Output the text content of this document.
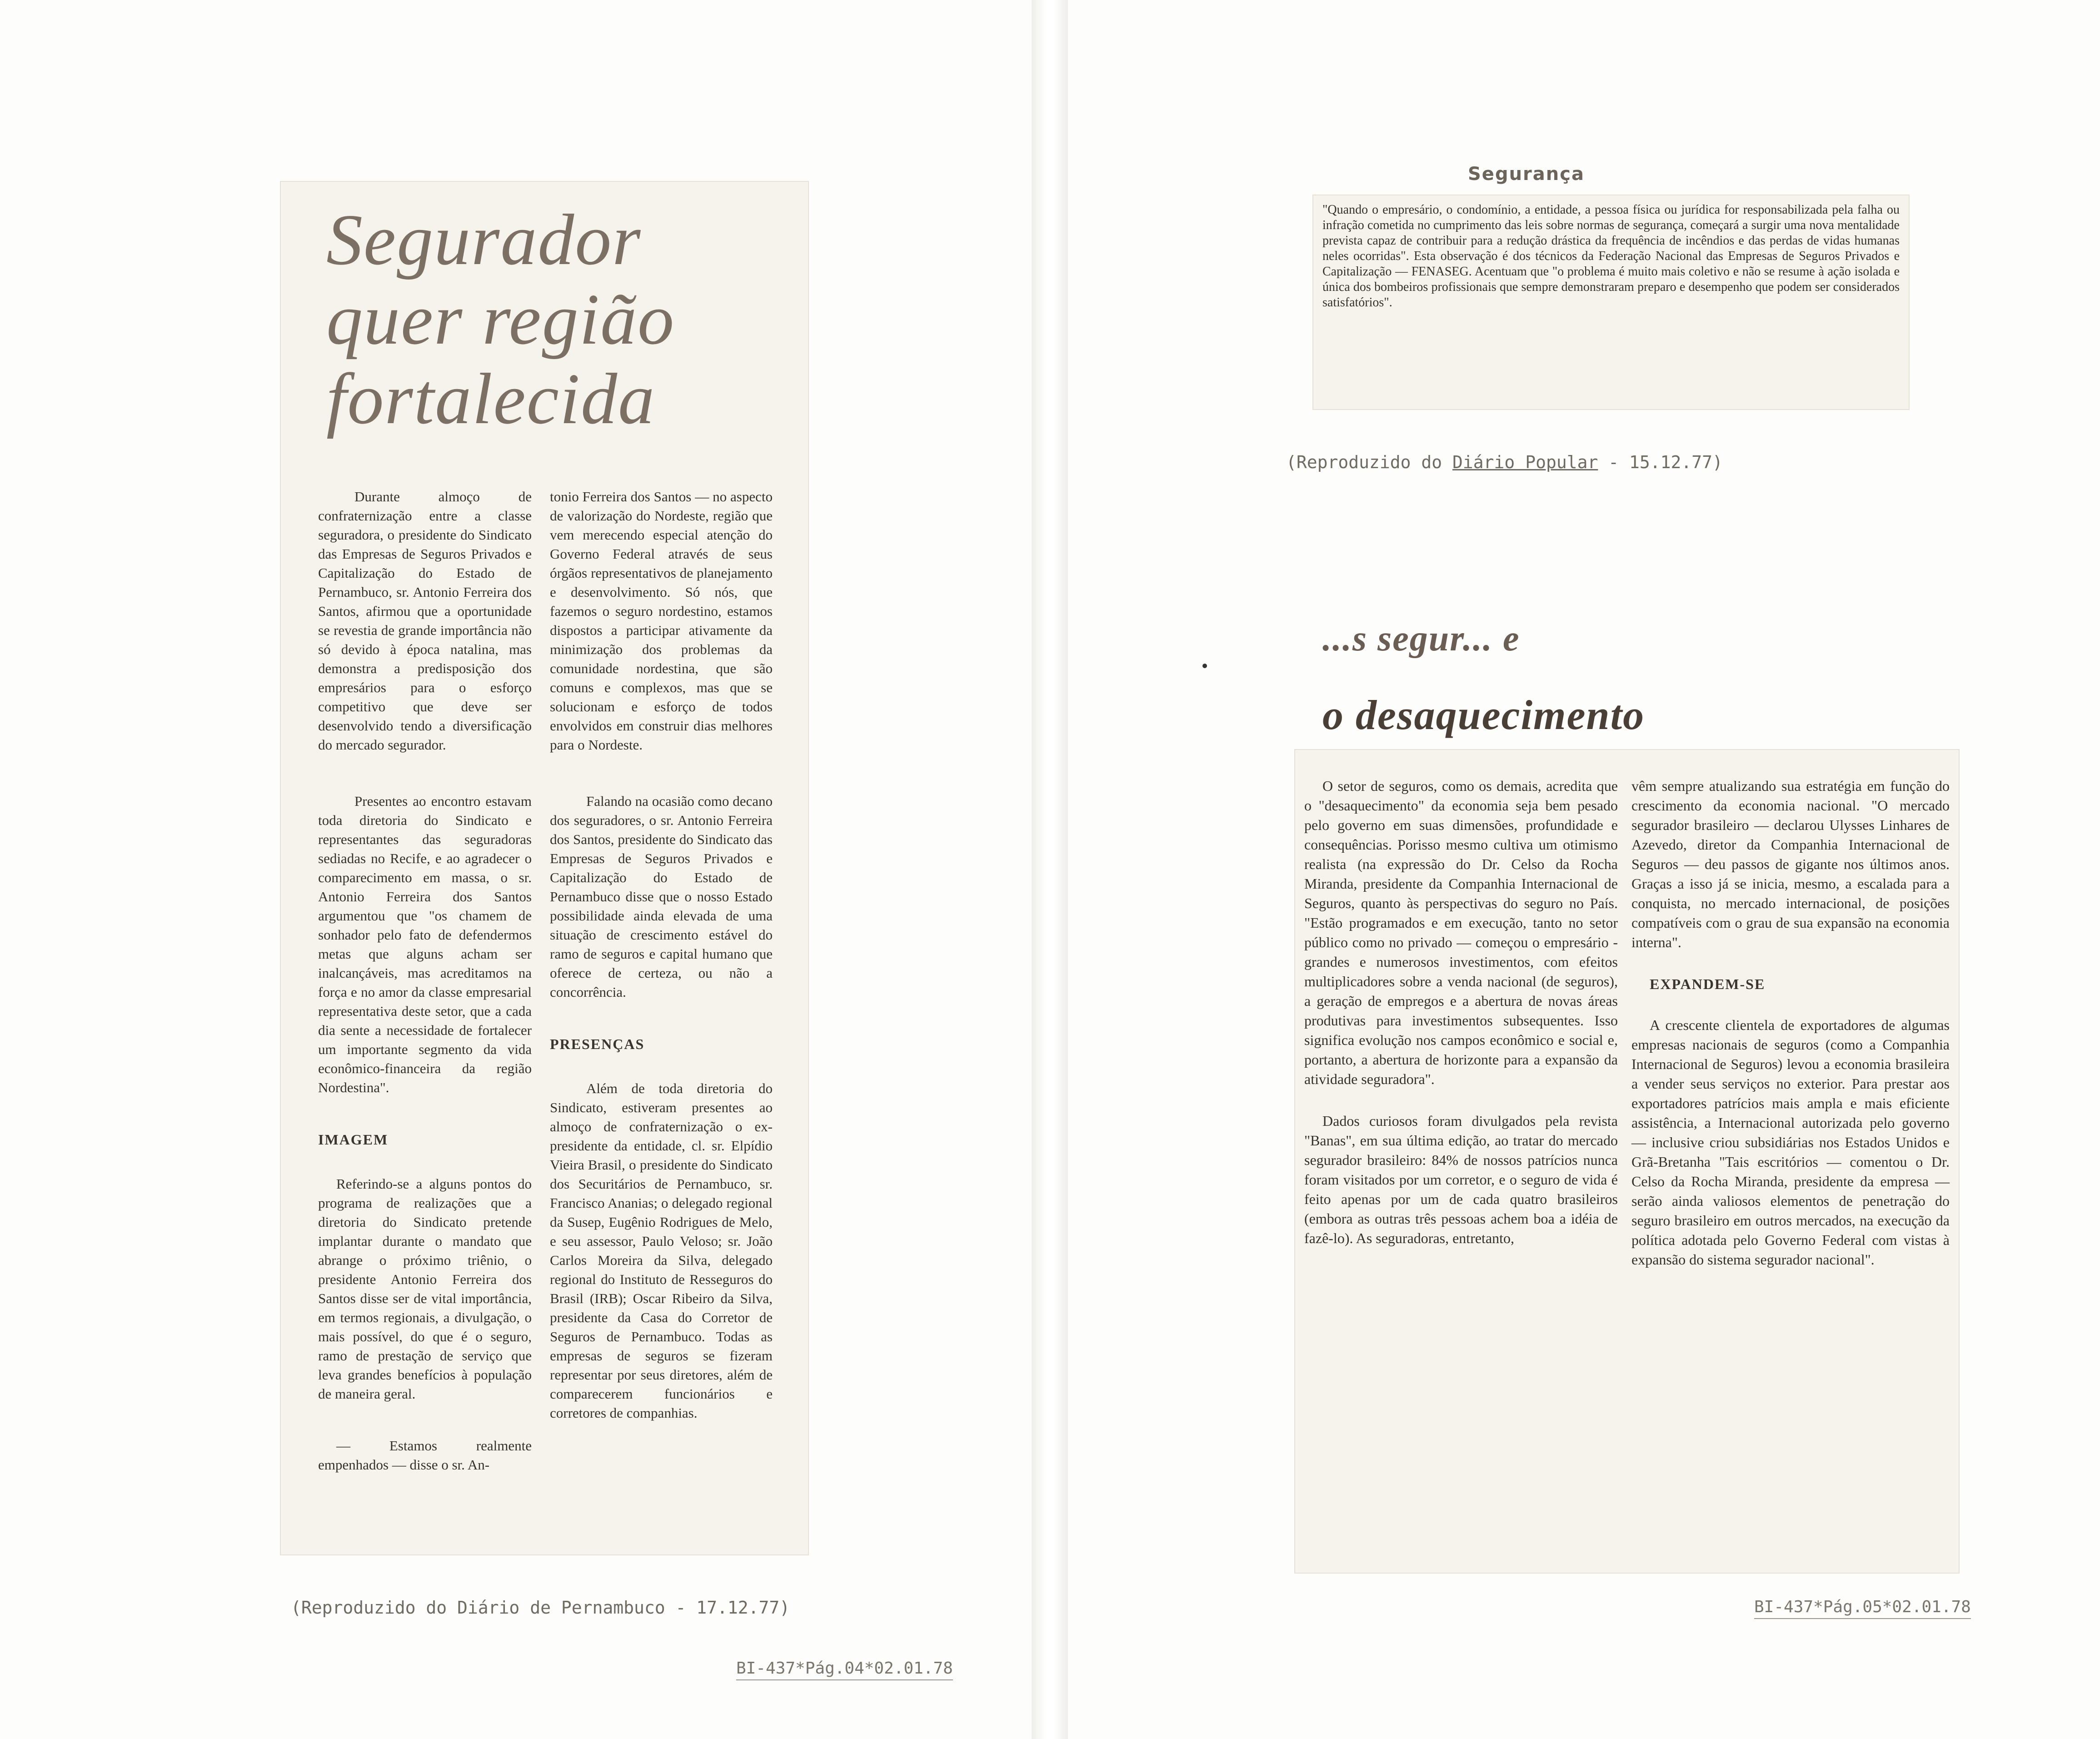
Segurador
quer região
fortalecida

Durante almoço de confraternização entre a classe seguradora, o presidente do Sindicato das Empresas de Seguros Privados e Capitalização do Estado de Pernambuco, sr. Antonio Ferreira dos Santos, afirmou que a oportunidade se revestia de grande importância não só devido à época natalina, mas demonstra a predisposição dos empresários para o esforço competitivo que deve ser desenvolvido tendo a diversificação do mercado segurador.

Presentes ao encontro estavam toda diretoria do Sindicato e representantes das seguradoras sediadas no Recife, e ao agradecer o comparecimento em massa, o sr. Antonio Ferreira dos Santos argumentou que "os chamem de sonhador pelo fato de defendermos metas que alguns acham ser inalcançáveis, mas acreditamos na força e no amor da classe empresarial representativa deste setor, que a cada dia sente a necessidade de fortalecer um importante segmento da vida econômico-financeira da região Nordestina".

IMAGEM

Referindo-se a alguns pontos do programa de realizações que a diretoria do Sindicato pretende implantar durante o mandato que abrange o próximo triênio, o presidente Antonio Ferreira dos Santos disse ser de vital importância, em termos regionais, a divulgação, o mais possível, do que é o seguro, ramo de prestação de serviço que leva grandes benefícios à população de maneira geral.

— Estamos realmente empenhados — disse o sr. An-

tonio Ferreira dos Santos — no aspecto de valorização do Nordeste, região que vem merecendo especial atenção do Governo Federal através de seus órgãos representativos de planejamento e desenvolvimento. Só nós, que fazemos o seguro nordestino, estamos dispostos a participar ativamente da minimização dos problemas da comunidade nordestina, que são comuns e complexos, mas que se solucionam e esforço de todos envolvidos em construir dias melhores para o Nordeste.

Falando na ocasião como decano dos seguradores, o sr. Antonio Ferreira dos Santos, presidente do Sindicato das Empresas de Seguros Privados e Capitalização do Estado de Pernambuco disse que o nosso Estado possibilidade ainda elevada de uma situação de crescimento estável do ramo de seguros e capital humano que oferece de certeza, ou não a concorrência.

PRESENÇAS

Além de toda diretoria do Sindicato, estiveram presentes ao almoço de confraternização o ex-presidente da entidade, cl. sr. Elpídio Vieira Brasil, o presidente do Sindicato dos Securitários de Pernambuco, sr. Francisco Ananias; o delegado regional da Susep, Eugênio Rodrigues de Melo, e seu assessor, Paulo Veloso; sr. João Carlos Moreira da Silva, delegado regional do Instituto de Resseguros do Brasil (IRB); Oscar Ribeiro da Silva, presidente da Casa do Corretor de Seguros de Pernambuco. Todas as empresas de seguros se fizeram representar por seus diretores, além de comparecerem funcionários e corretores de companhias.

(Reproduzido do Diário de Pernambuco - 17.12.77)
BI-437*Pág.04*02.01.78
Segurança
"Quando o empresário, o condomínio, a entidade, a pessoa física ou jurídica for responsabilizada pela falha ou infração cometida no cumprimento das leis sobre normas de segurança, começará a surgir uma nova mentalidade prevista capaz de contribuir para a redução drástica da frequência de incêndios e das perdas de vidas humanas neles ocorridas". Esta observação é dos técnicos da Federação Nacional das Empresas de Seguros Privados e Capitalização — FENASEG. Acentuam que "o problema é muito mais coletivo e não se resume à ação isolada e única dos bombeiros profissionais que sempre demonstraram preparo e desempenho que podem ser considerados satisfatórios".
(Reproduzido do Diário Popular - 15.12.77)
...s segur... e
o desaquecimento

O setor de seguros, como os demais, acredita que o "desaquecimento" da economia seja bem pesado pelo governo em suas dimensões, profundidade e consequências. Porisso mesmo cultiva um otimismo realista (na expressão do Dr. Celso da Rocha Miranda, presidente da Companhia Internacional de Seguros, quanto às perspectivas do seguro no País. "Estão programados e em execução, tanto no setor público como no privado — começou o empresário - grandes e numerosos investimentos, com efeitos multiplicadores sobre a venda nacional (de seguros), a geração de empregos e a abertura de novas áreas produtivas para investimentos subsequentes. Isso significa evolução nos campos econômico e social e, portanto, a abertura de horizonte para a expansão da atividade seguradora".

Dados curiosos foram divulgados pela revista "Banas", em sua última edição, ao tratar do mercado segurador brasileiro: 84% de nossos patrícios nunca foram visitados por um corretor, e o seguro de vida é feito apenas por um de cada quatro brasileiros (embora as outras três pessoas achem boa a idéia de fazê-lo). As seguradoras, entretanto,

vêm sempre atualizando sua estratégia em função do crescimento da economia nacional. "O mercado segurador brasileiro — declarou Ulysses Linhares de Azevedo, diretor da Companhia Internacional de Seguros — deu passos de gigante nos últimos anos. Graças a isso já se inicia, mesmo, a escalada para a conquista, no mercado internacional, de posições compatíveis com o grau de sua expansão na economia interna".

EXPANDEM-SE

A crescente clientela de exportadores de algumas empresas nacionais de seguros (como a Companhia Internacional de Seguros) levou a economia brasileira a vender seus serviços no exterior. Para prestar aos exportadores patrícios mais ampla e mais eficiente assistência, a Internacional autorizada pelo governo — inclusive criou subsidiárias nos Estados Unidos e Grã-Bretanha "Tais escritórios — comentou o Dr. Celso da Rocha Miranda, presidente da empresa — serão ainda valiosos elementos de penetração do seguro brasileiro em outros mercados, na execução da política adotada pelo Governo Federal com vistas à expansão do sistema segurador nacional".

BI-437*Pág.05*02.01.78
